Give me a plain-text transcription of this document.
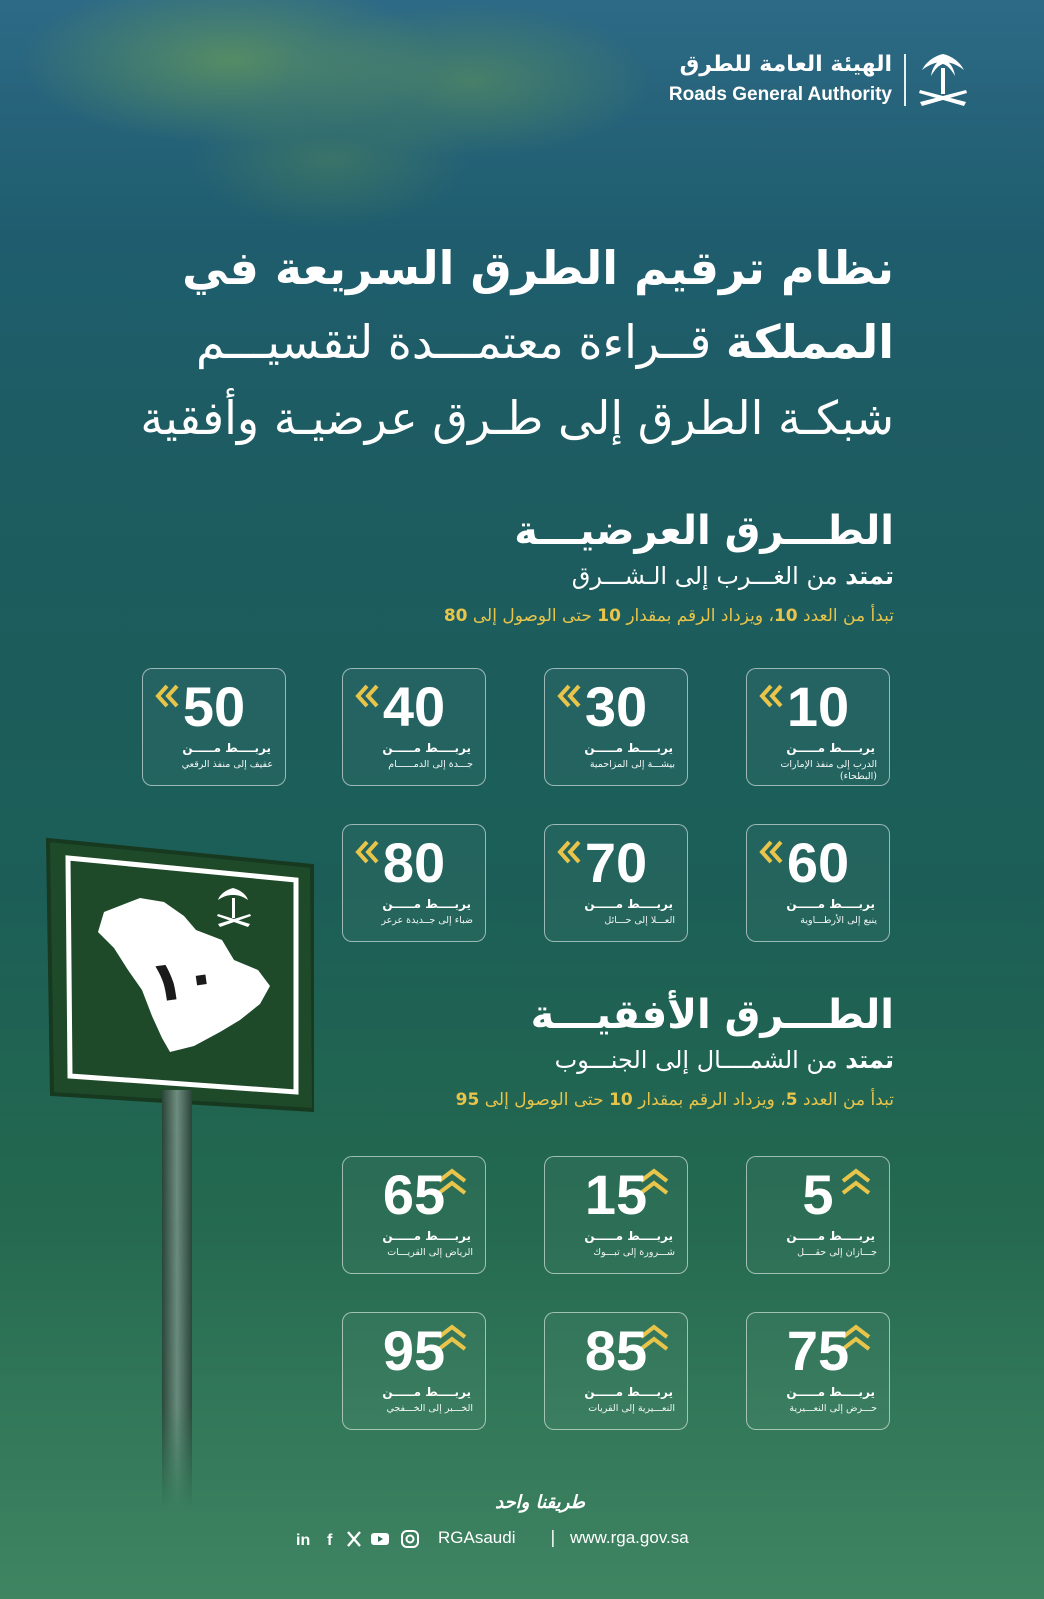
الهيئة العامة للطرق
Roads General Authority
نظام ترقيم الطرق السريعة في
المملكة قــراءة معتمـــدة لتقسيـــم
شبكـة الطرق إلى طـرق عرضيـة وأفقية
الطـــرق العرضيـــة
تمتد من الغـــرب إلى الـشـــرق
تبدأ من العدد 10، ويزداد الرقم بمقدار 10 حتى الوصول إلى 80
10
يربــــط مـــــن
الدرب إلى منفذ الإمارات (البطحاء)
30
يربــــط مـــــن
بيشـــة إلى المزاحمية
40
يربــــط مـــــن
جـــدة إلى الدمــــــام
50
يربــــط مـــــن
عفيف إلى منفذ الرقعي
60
يربــــط مـــــن
ينبع إلى الأرطـــاوية
70
يربــــط مـــــن
العـــلا إلى حـــائل
80
يربــــط مـــــن
ضباء إلى جــديدة عرعر
١٠	الطـــرق الأفقيـــة
تمتد من الشمــــال إلى الجنـــوب
تبدأ من العدد 5، ويزداد الرقم بمقدار 10 حتى الوصول إلى 95
5
يربــــط مـــــن
جـــازان إلى حقــــل
15
يربــــط مـــــن
شـــرورة إلى تبـــوك
65
يربــــط مـــــن
الرياض إلى القريـــات
75
يربــــط مـــــن
حـــرض إلى النعـــيرية
85
يربــــط مـــــن
النعـــيرية إلى القريات
95
يربــــط مـــــن
الخـــبر إلى الخـــفجي
طريقنا واحد
in f	RGAsaudi | www.rga.gov.sa
